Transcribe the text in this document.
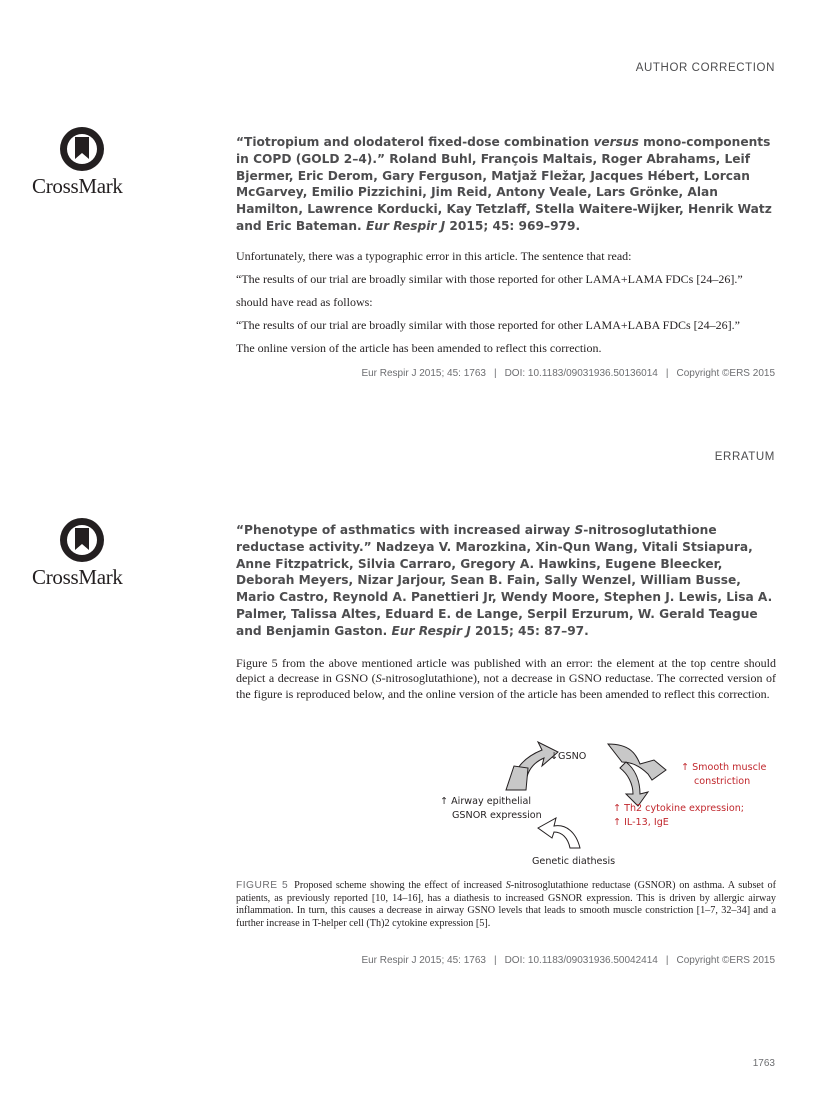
AUTHOR CORRECTION
CrossMark
“Tiotropium and olodaterol fixed-dose combination versus mono-components in COPD (GOLD 2–4).” Roland Buhl, François Maltais, Roger Abrahams, Leif Bjermer, Eric Derom, Gary Ferguson, Matjaž Fležar, Jacques Hébert, Lorcan McGarvey, Emilio Pizzichini, Jim Reid, Antony Veale, Lars Grönke, Alan Hamilton, Lawrence Korducki, Kay Tetzlaff, Stella Waitere-Wijker, Henrik Watz and Eric Bateman. Eur Respir J 2015; 45: 969–979.

Unfortunately, there was a typographic error in this article. The sentence that read:

“The results of our trial are broadly similar with those reported for other LAMA+LAMA FDCs [24–26].”

should have read as follows:

“The results of our trial are broadly similar with those reported for other LAMA+LABA FDCs [24–26].”

The online version of the article has been amended to reflect this correction.

Eur Respir J 2015; 45: 1763 | DOI: 10.1183/09031936.50136014 | Copyright ©ERS 2015
ERRATUM
CrossMark
“Phenotype of asthmatics with increased airway S-nitrosoglutathione reductase activity.” Nadzeya V. Marozkina, Xin-Qun Wang, Vitali Stsiapura, Anne Fitzpatrick, Silvia Carraro, Gregory A. Hawkins, Eugene Bleecker, Deborah Meyers, Nizar Jarjour, Sean B. Fain, Sally Wenzel, William Busse, Mario Castro, Reynold A. Panettieri Jr, Wendy Moore, Stephen J. Lewis, Lisa A. Palmer, Talissa Altes, Eduard E. de Lange, Serpil Erzurum, W. Gerald Teague and Benjamin Gaston. Eur Respir J 2015; 45: 87–97.

Figure 5 from the above mentioned article was published with an error: the element at the top centre should depict a decrease in GSNO (S-nitrosoglutathione), not a decrease in GSNO reductase. The corrected version of the figure is reproduced below, and the online version of the article has been amended to reflect this correction.

↓GSNO
↑ Smooth muscle
constriction
↑ Airway epithelial
GSNOR expression
↑ Th2 cytokine expression;
↑ IL-13, IgE
Genetic diathesis
FIGURE 5 Proposed scheme showing the effect of increased S-nitrosoglutathione reductase (GSNOR) on asthma. A subset of patients, as previously reported [10, 14–16], has a diathesis to increased GSNOR expression. This is driven by allergic airway inflammation. In turn, this causes a decrease in airway GSNO levels that leads to smooth muscle constriction [1–7, 32–34] and a further increase in T-helper cell (Th)2 cytokine expression [5].
Eur Respir J 2015; 45: 1763 | DOI: 10.1183/09031936.50042414 | Copyright ©ERS 2015
1763
